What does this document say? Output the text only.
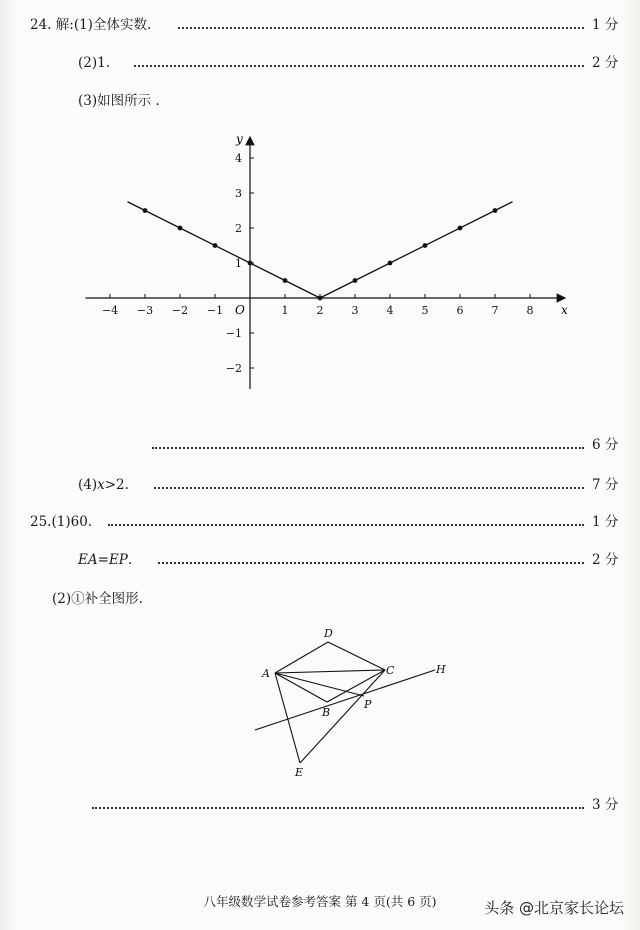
24. 解:(1)全体实数.	1 分
(2)1.	2 分
(3)如图所示 .
−4 −3 −2 −1	1	2	3	4	5	6	7	8
4
3
2
1
−1
−2
x
y
O
6 分
(4)x>2.	7 分
25.(1)60.	1 分
EA=EP.	2 分
(2)①补全图形.
D
A	C	H
B
P
E
3 分
八年级数学试卷参考答案 第 4 页(共 6 页)	头条 @北京家长论坛
